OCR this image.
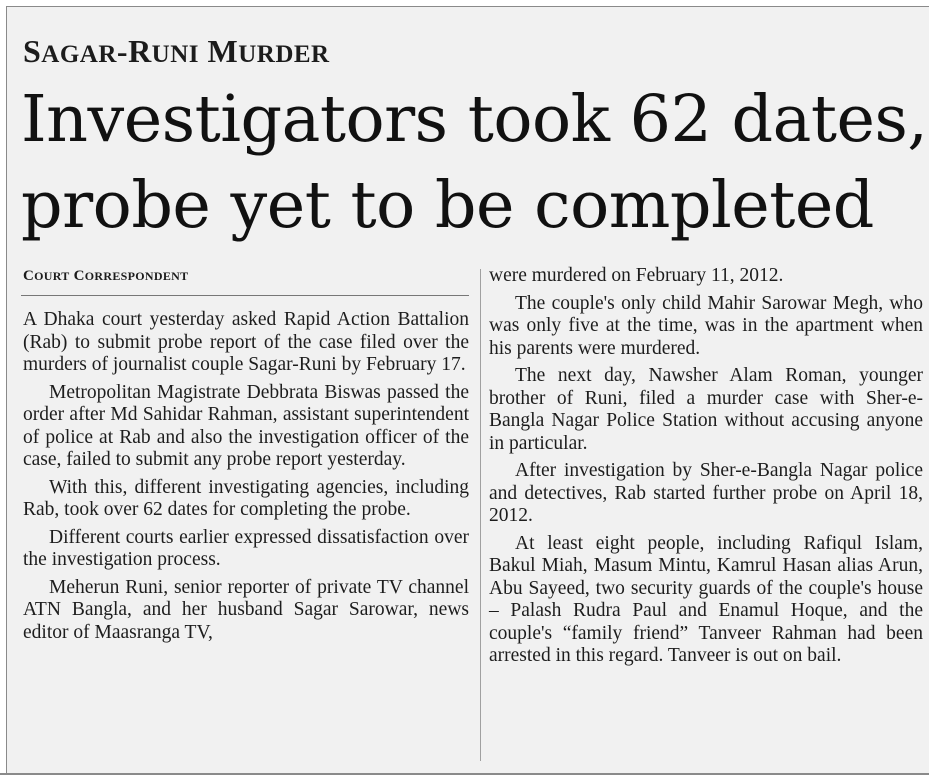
SAGAR-RUNI MURDER
Investigators took 62 dates,
probe yet to be completed
COURT CORRESPONDENT

A Dhaka court yesterday asked Rapid Action Battalion (Rab) to submit probe report of the case filed over the murders of journalist couple Sagar-Runi by February 17.

Metropolitan Magistrate Debbrata Biswas passed the order after Md Sahidar Rahman, assistant superintendent of police at Rab and also the investigation officer of the case, failed to submit any probe report yesterday.

With this, different investigating agencies, including Rab, took over 62 dates for completing the probe.

Different courts earlier expressed dissatisfaction over the investigation process.

Meherun Runi, senior reporter of private TV channel ATN Bangla, and her husband Sagar Sarowar, news editor of Maasranga TV,

were murdered on February 11, 2012.

The couple's only child Mahir Sarowar Megh, who was only five at the time, was in the apartment when his parents were murdered.

The next day, Nawsher Alam Roman, younger brother of Runi, filed a murder case with Sher-e-Bangla Nagar Police Station without accusing anyone in particular.

After investigation by Sher-e-Bangla Nagar police and detectives, Rab started further probe on April 18, 2012.

At least eight people, including Rafiqul Islam, Bakul Miah, Masum Mintu, Kamrul Hasan alias Arun, Abu Sayeed, two security guards of the couple's house – Palash Rudra Paul and Enamul Hoque, and the couple's “family friend” Tanveer Rahman had been arrested in this regard. Tanveer is out on bail.
